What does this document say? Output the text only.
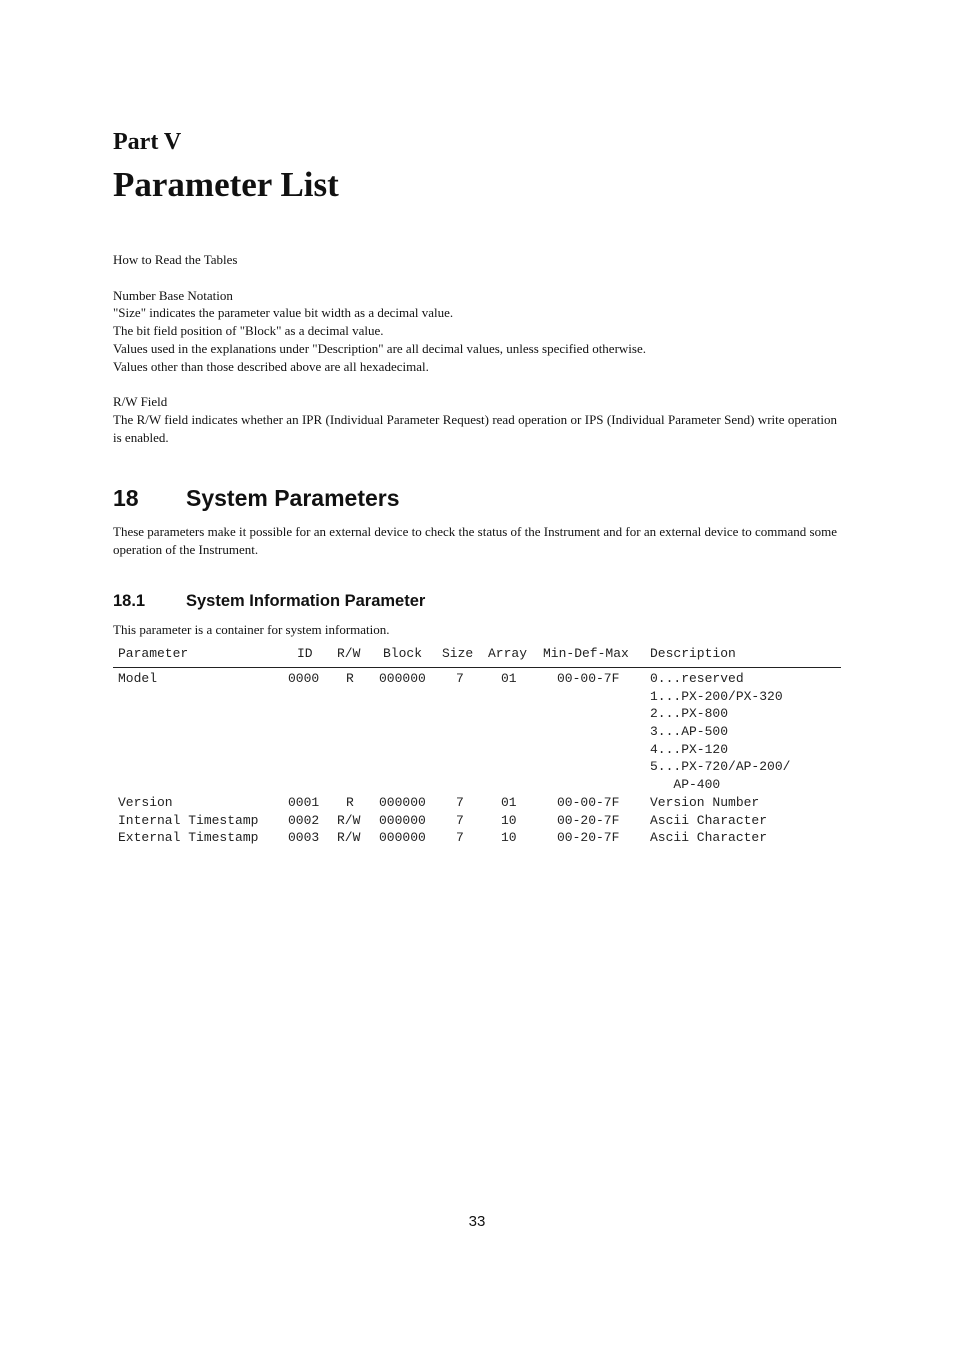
Part V
Parameter List

How to Read the Tables

Number Base Notation

"Size" indicates the parameter value bit width as a decimal value.

The bit field position of "Block" as a decimal value.

Values used in the explanations under "Description" are all decimal values, unless specified otherwise.

Values other than those described above are all hexadecimal.

R/W Field

The R/W field indicates whether an IPR (Individual Parameter Request) read operation or IPS (Individual Parameter Send) write operation is enabled.

18 System Parameters
These parameters make it possible for an external device to check the status of the Instrument and for an external device to command some operation of the Instrument.
18.1 System Information Parameter
This parameter is a container for system information.
Parameter	ID R/W Block Size Array Min-Def-Max Description
Model	0000 R 000000 7	01	00-00-7F 0...reserved
1...PX-200/PX-320
2...PX-800
3...AP-500
4...PX-120
5...PX-720/AP-200/
AP-400
Version	0001 R 000000 7	01	00-00-7F Version Number
Internal Timestamp 0002 R/W 000000 7	10	00-20-7F Ascii Character
External Timestamp 0003 R/W 000000 7	10	00-20-7F Ascii Character
33
